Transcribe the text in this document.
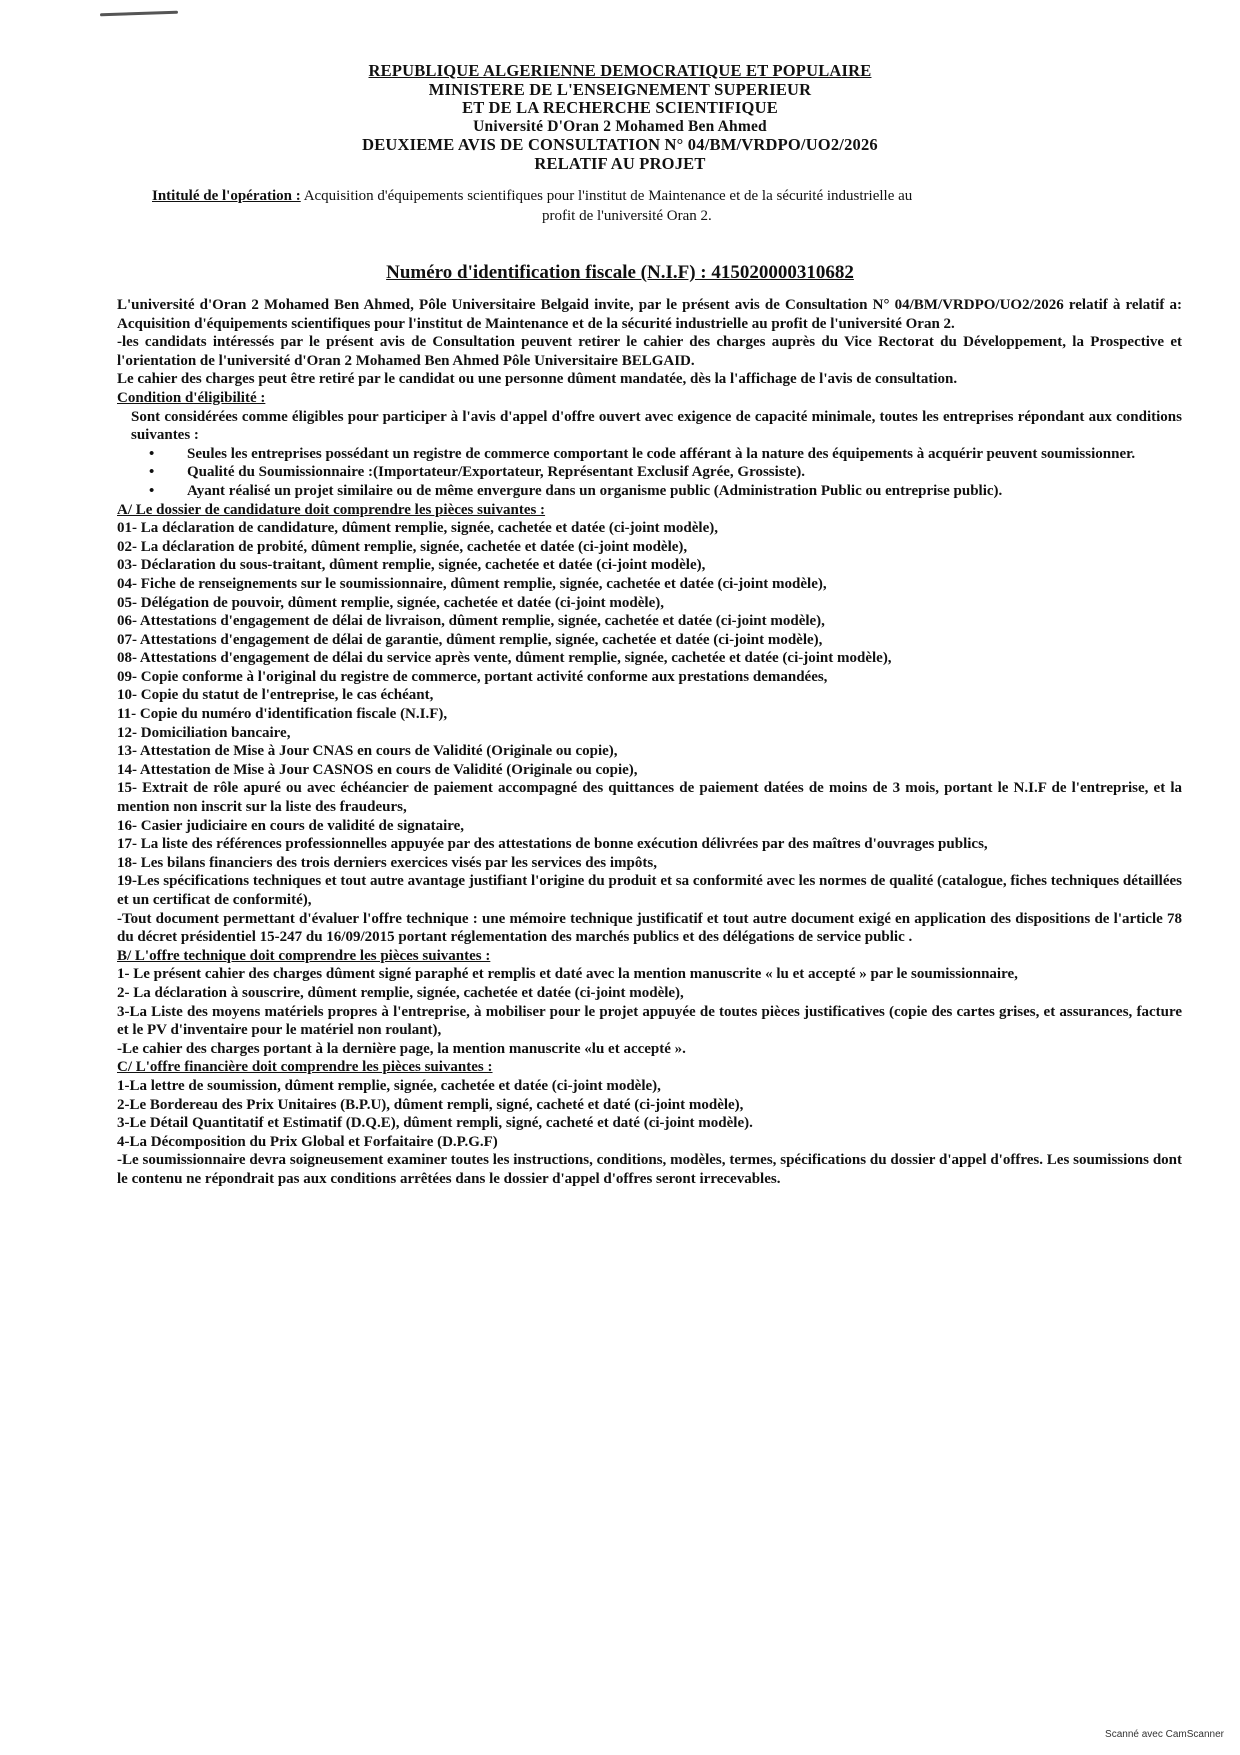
REPUBLIQUE ALGERIENNE DEMOCRATIQUE ET POPULAIRE
MINISTERE DE L'ENSEIGNEMENT SUPERIEUR
ET DE LA RECHERCHE SCIENTIFIQUE
Université D'Oran 2 Mohamed Ben Ahmed
DEUXIEME AVIS DE CONSULTATION N° 04/BM/VRDPO/UO2/2026
RELATIF AU PROJET
Intitulé de l'opération : Acquisition d'équipements scientifiques pour l'institut de Maintenance et de la sécurité industrielle au
profit de l'université Oran 2.
Numéro d'identification fiscale (N.I.F) : 415020000310682

L'université d'Oran 2 Mohamed Ben Ahmed, Pôle Universitaire Belgaid invite, par le présent avis de Consultation N° 04/BM/VRDPO/UO2/2026 relatif à relatif a: Acquisition d'équipements scientifiques pour l'institut de Maintenance et de la sécurité industrielle au profit de l'université Oran 2.

-les candidats intéressés par le présent avis de Consultation peuvent retirer le cahier des charges auprès du Vice Rectorat du Développement, la Prospective et l'orientation de l'université d'Oran 2 Mohamed Ben Ahmed Pôle Universitaire BELGAID.

Le cahier des charges peut être retiré par le candidat ou une personne dûment mandatée, dès la l'affichage de l'avis de consultation.

Condition d'éligibilité :

Sont considérées comme éligibles pour participer à l'avis d'appel d'offre ouvert avec exigence de capacité minimale, toutes les entreprises répondant aux conditions suivantes :

• Seules les entreprises possédant un registre de commerce comportant le code afférant à la nature des équipements à acquérir peuvent soumissionner.
• Qualité du Soumissionnaire :(Importateur/Exportateur, Représentant Exclusif Agrée, Grossiste).
• Ayant réalisé un projet similaire ou de même envergure dans un organisme public (Administration Public ou entreprise public).

A/ Le dossier de candidature doit comprendre les pièces suivantes :

01- La déclaration de candidature, dûment remplie, signée, cachetée et datée (ci-joint modèle),

02- La déclaration de probité, dûment remplie, signée, cachetée et datée (ci-joint modèle),

03- Déclaration du sous-traitant, dûment remplie, signée, cachetée et datée (ci-joint modèle),

04- Fiche de renseignements sur le soumissionnaire, dûment remplie, signée, cachetée et datée (ci-joint modèle),

05- Délégation de pouvoir, dûment remplie, signée, cachetée et datée (ci-joint modèle),

06- Attestations d'engagement de délai de livraison, dûment remplie, signée, cachetée et datée (ci-joint modèle),

07- Attestations d'engagement de délai de garantie, dûment remplie, signée, cachetée et datée (ci-joint modèle),

08- Attestations d'engagement de délai du service après vente, dûment remplie, signée, cachetée et datée (ci-joint modèle),

09- Copie conforme à l'original du registre de commerce, portant activité conforme aux prestations demandées,

10- Copie du statut de l'entreprise, le cas échéant,

11- Copie du numéro d'identification fiscale (N.I.F),

12- Domiciliation bancaire,

13- Attestation de Mise à Jour CNAS en cours de Validité (Originale ou copie),

14- Attestation de Mise à Jour CASNOS en cours de Validité (Originale ou copie),

15- Extrait de rôle apuré ou avec échéancier de paiement accompagné des quittances de paiement datées de moins de 3 mois, portant le N.I.F de l'entreprise, et la mention non inscrit sur la liste des fraudeurs,

16- Casier judiciaire en cours de validité de signataire,

17- La liste des références professionnelles appuyée par des attestations de bonne exécution délivrées par des maîtres d'ouvrages publics,

18- Les bilans financiers des trois derniers exercices visés par les services des impôts,

19-Les spécifications techniques et tout autre avantage justifiant l'origine du produit et sa conformité avec les normes de qualité (catalogue, fiches techniques détaillées et un certificat de conformité),

-Tout document permettant d'évaluer l'offre technique : une mémoire technique justificatif et tout autre document exigé en application des dispositions de l'article 78 du décret présidentiel 15-247 du 16/09/2015 portant réglementation des marchés publics et des délégations de service public .

B/ L'offre technique doit comprendre les pièces suivantes :

1- Le présent cahier des charges dûment signé paraphé et remplis et daté avec la mention manuscrite « lu et accepté » par le soumissionnaire,

2- La déclaration à souscrire, dûment remplie, signée, cachetée et datée (ci-joint modèle),

3-La Liste des moyens matériels propres à l'entreprise, à mobiliser pour le projet appuyée de toutes pièces justificatives (copie des cartes grises, et assurances, facture et le PV d'inventaire pour le matériel non roulant),

-Le cahier des charges portant à la dernière page, la mention manuscrite «lu et accepté ».

C/ L'offre financière doit comprendre les pièces suivantes :

1-La lettre de soumission, dûment remplie, signée, cachetée et datée (ci-joint modèle),

2-Le Bordereau des Prix Unitaires (B.P.U), dûment rempli, signé, cacheté et daté (ci-joint modèle),

3-Le Détail Quantitatif et Estimatif (D.Q.E), dûment rempli, signé, cacheté et daté (ci-joint modèle).

4-La Décomposition du Prix Global et Forfaitaire (D.P.G.F)

-Le soumissionnaire devra soigneusement examiner toutes les instructions, conditions, modèles, termes, spécifications du dossier d'appel d'offres. Les soumissions dont le contenu ne répondrait pas aux conditions arrêtées dans le dossier d'appel d'offres seront irrecevables.

Scanné avec CamScanner
